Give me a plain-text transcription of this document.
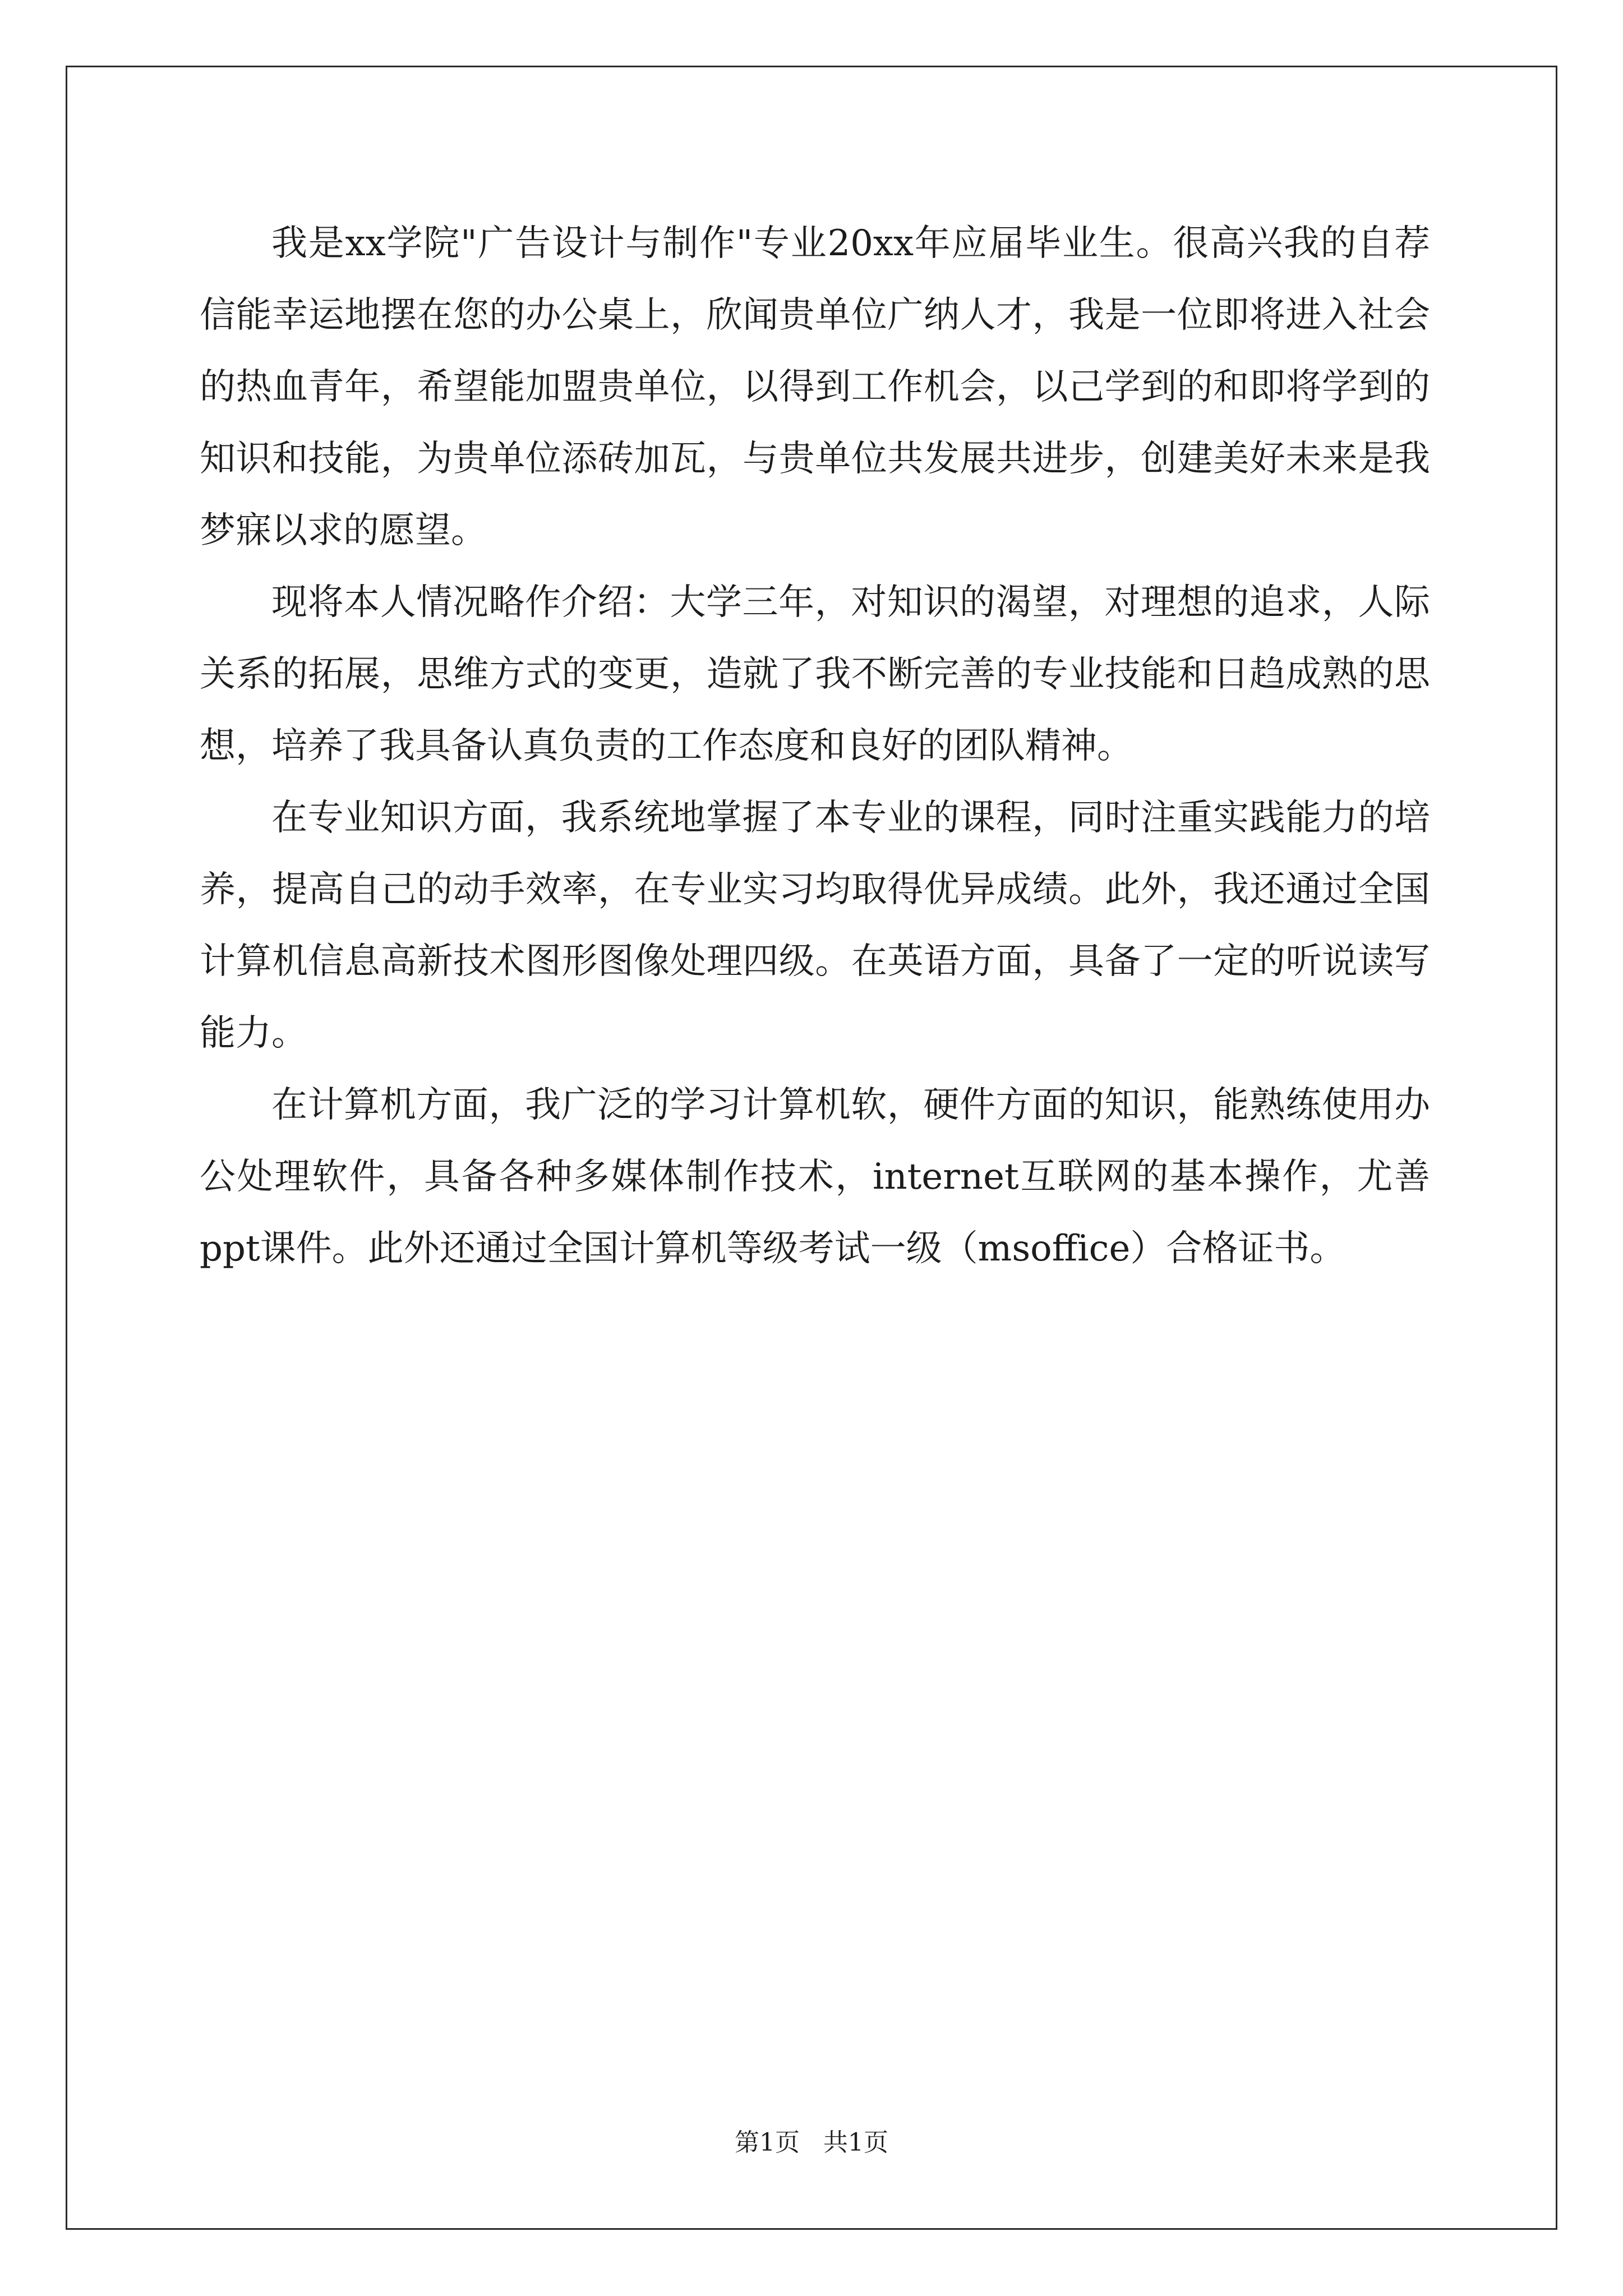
我是xx学院"广告设计与制作"专业20xx年应届毕业生。很高兴我的自荐信能幸运地摆在您的办公桌上，欣闻贵单位广纳人才，我是一位即将进入社会的热血青年，希望能加盟贵单位，以得到工作机会，以己学到的和即将学到的知识和技能，为贵单位添砖加瓦，与贵单位共发展共进步，创建美好未来是我梦寐以求的愿望。

现将本人情况略作介绍：大学三年，对知识的渴望，对理想的追求，人际关系的拓展，思维方式的变更，造就了我不断完善的专业技能和日趋成熟的思想，培养了我具备认真负责的工作态度和良好的团队精神。

在专业知识方面，我系统地掌握了本专业的课程，同时注重实践能力的培养，提高自己的动手效率，在专业实习均取得优异成绩。此外，我还通过全国计算机信息高新技术图形图像处理四级。在英语方面，具备了一定的听说读写能力。

在计算机方面，我广泛的学习计算机软，硬件方面的知识，能熟练使用办公处理软件，具备各种多媒体制作技术，internet互联网的基本操作，尤善ppt课件。此外还通过全国计算机等级考试一级（msoffice）合格证书。

第1页   共1页
